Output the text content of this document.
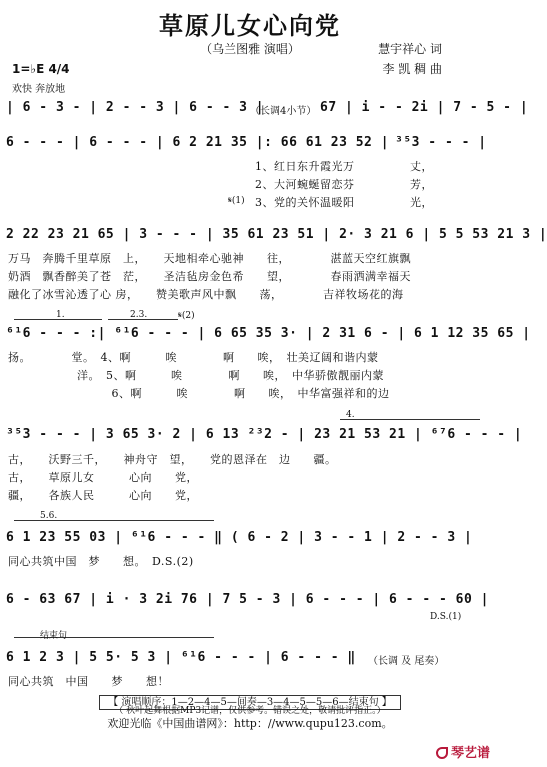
草原儿女心向党
（乌兰图雅 演唱）	慧宇祥心 词
李 凯 稠 曲
1=♭E 4/4
欢快 奔放地
| 6 - 3 - | 2 - - 3 | 6 - - 3 |
（长调4小节） 67 | i - - 2i | 7 - 5 - |
6 - - - | 6 - - - | 6 2 21 35 |: 66 61 23 52 | ³⁵3 - - - |
1、红日东升霞光万	丈，
2、大河蜿蜒留恋芬	芳，
𝄋(1) 3、党的关怀温暖阳	光，
2 22 23 21 65 | 3 - - - | 35 61 23 51 | 2· 3 21 6 | 5 5 53 21 3 |
万马　奔腾千里草原　上，　　天地相牵心驰神　　往，　　　　湛蓝天空红旗飘
奶酒　飘香醉美了苍　茫，　　圣洁毡房金色希　　望，　　　　春雨洒满幸福天
融化了冰雪沁透了心 房，　　赞美歌声风中飘　　荡，　　　　吉祥牧场花的海
1.	2.3.	𝄋(2)
⁶¹6 - - - :| ⁶¹6 - - - | 6 65 35 3· | 2 31 6 - | 6 1 12 35 65 |
扬。　　　　堂。　4、啊　　　唉　　　　啊　　唉，　壮美辽阔和谐内蒙
　　　　　　洋。　5、啊　　　唉　　　　啊　　唉，　中华骄傲靓丽内蒙
　　　　　　　　　6、啊　　　唉　　　　啊　　唉，　中华富强祥和的边
4.
³⁵3 - - - | 3 65 3· 2 | 6 13 ²³2 - | 23 21 53 21 | ⁶⁷6 - - - |
古，　　沃野三千，　　神舟守　望，　　党的恩泽在　边　　疆。
古，　　草原儿女　　　心向　　党，
疆，　　各族人民　　　心向　　党，
5.6.
6 1 23 55 03 | ⁶¹6 - - - ‖ ( 6 - 2 | 3 - - 1 | 2 - - 3 |
同心共筑中国　梦　　想。　D.S.(2)
6 - 63 67 | i · 3 2i 76 | 7 5 - 3 | 6 - - - | 6 - - - 60 |
D.S.(1)
结束句
6 1 2 3 | 5 5· 5 3 | ⁶¹6 - - - | 6 - - - ‖ （长调 及 尾奏）
同心共筑　中国　　梦　　想！
【 演唱顺序：1—2—4—5—间奏—3—4—5—5—6—结束句 】
（ 秋叶起舞根据MP3记谱，仅供参考。错误之处，敬请批评指正。）
欢迎光临《中国曲谱网》：http：//www.qupu123.com。
琴艺谱
